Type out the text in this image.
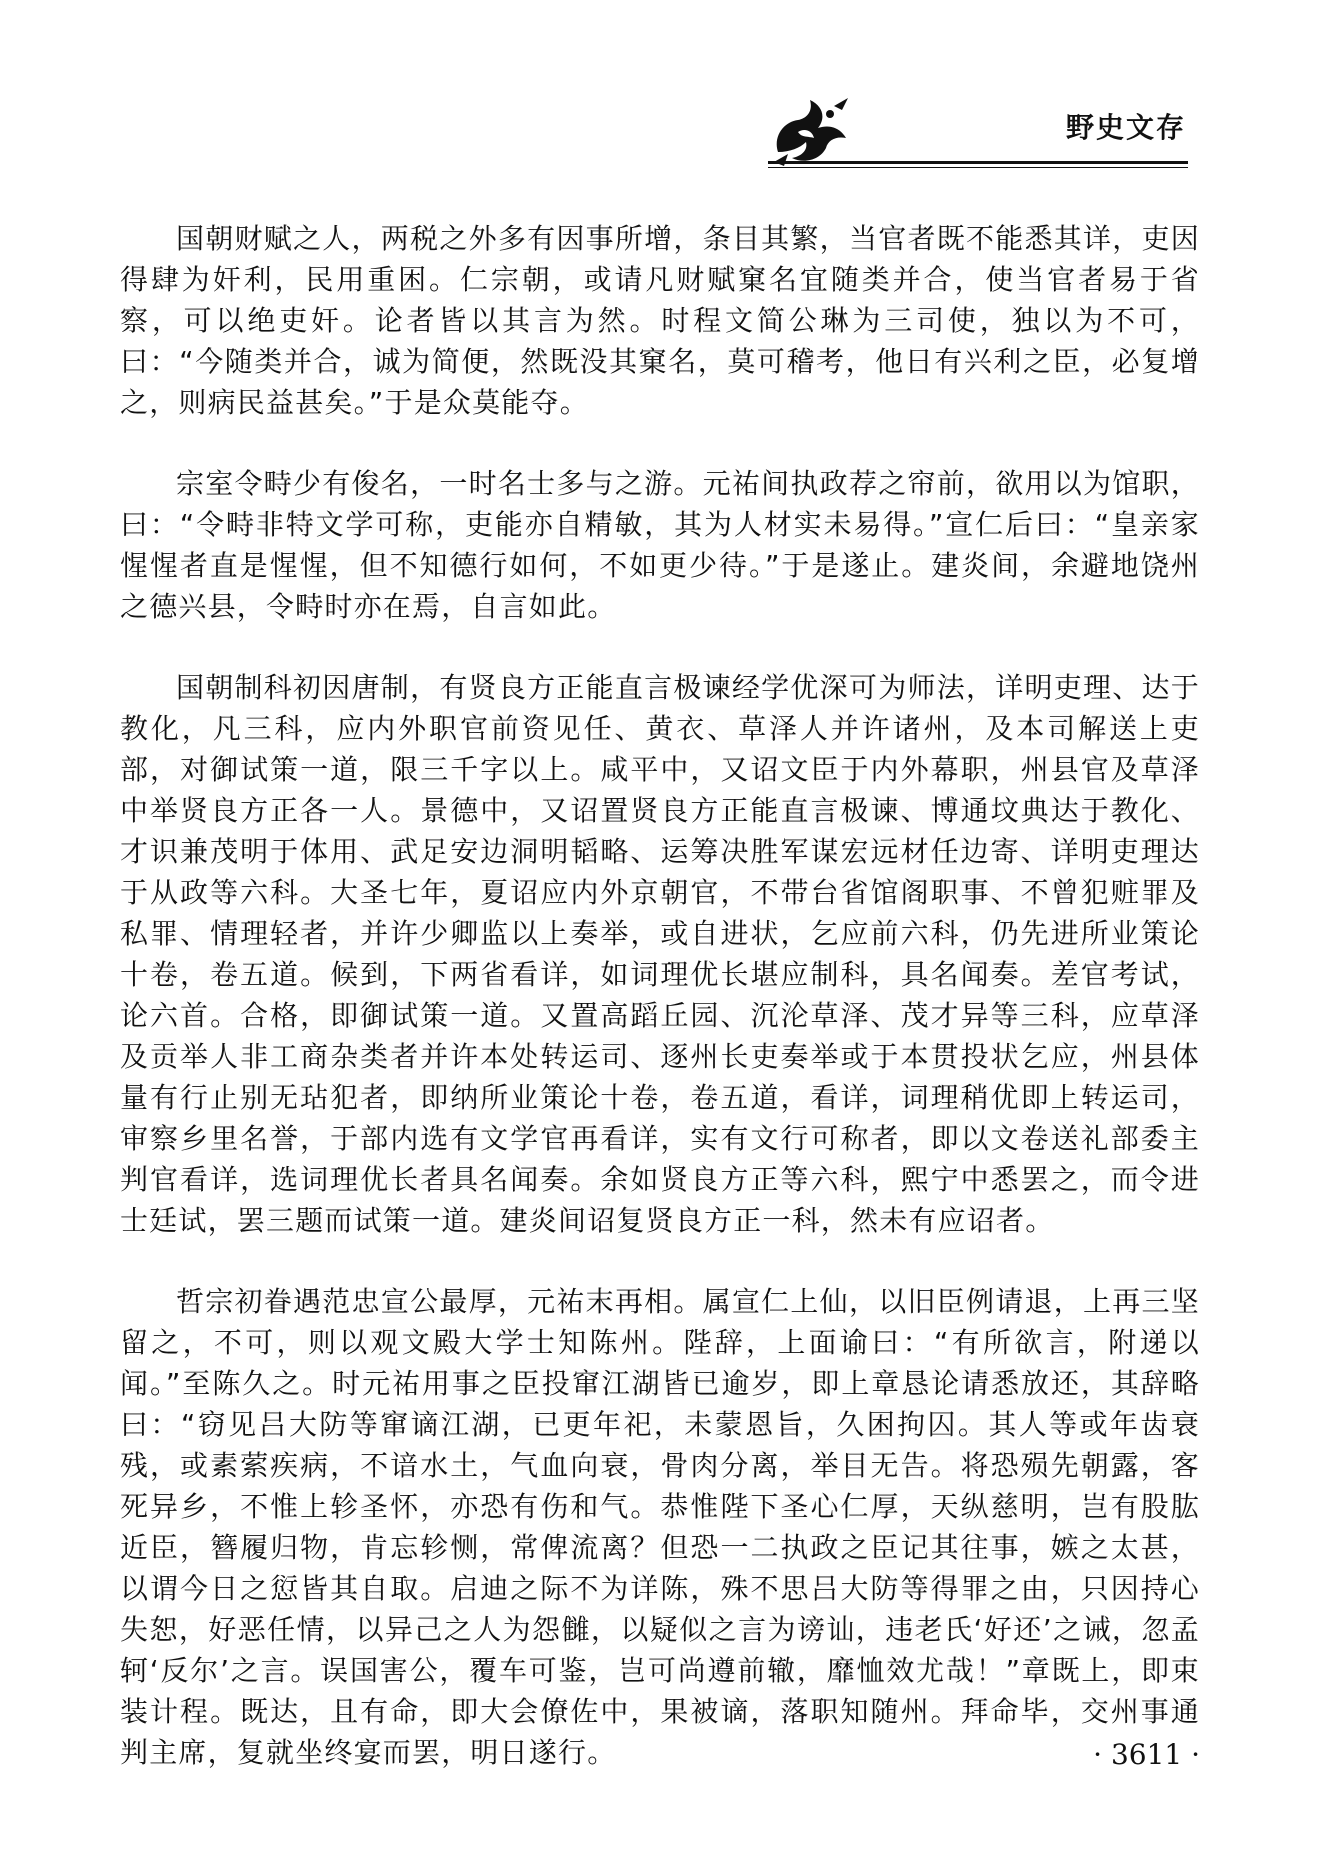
野史文存

国朝财赋之人，两税之外多有因事所增，条目其繁，当官者既不能悉其详，吏因得肆为奸利，民用重困。仁宗朝，或请凡财赋窠名宜随类并合，使当官者易于省察，可以绝吏奸。论者皆以其言为然。时程文简公琳为三司使，独以为不可，曰：“今随类并合，诚为简便，然既没其窠名，莫可稽考，他日有兴利之臣，必复增之，则病民益甚矣。”于是众莫能夺。

宗室令畤少有俊名，一时名士多与之游。元祐间执政荐之帘前，欲用以为馆职，曰：“令畤非特文学可称，吏能亦自精敏，其为人材实未易得。”宣仁后曰：“皇亲家惺惺者直是惺惺，但不知德行如何，不如更少待。”于是遂止。建炎间，余避地饶州之德兴县，令畤时亦在焉，自言如此。

国朝制科初因唐制，有贤良方正能直言极谏经学优深可为师法，详明吏理、达于教化，凡三科，应内外职官前资见任、黄衣、草泽人并许诸州，及本司解送上吏部，对御试策一道，限三千字以上。咸平中，又诏文臣于内外幕职，州县官及草泽中举贤良方正各一人。景德中，又诏置贤良方正能直言极谏、博通坟典达于教化、才识兼茂明于体用、武足安边洞明韬略、运筹决胜军谋宏远材任边寄、详明吏理达于从政等六科。大圣七年，夏诏应内外京朝官，不带台省馆阁职事、不曾犯赃罪及私罪、情理轻者，并许少卿监以上奏举，或自进状，乞应前六科，仍先进所业策论十卷，卷五道。候到，下两省看详，如词理优长堪应制科，具名闻奏。差官考试，论六首。合格，即御试策一道。又置高蹈丘园、沉沦草泽、茂才异等三科，应草泽及贡举人非工商杂类者并许本处转运司、逐州长吏奏举或于本贯投状乞应，州县体量有行止别无玷犯者，即纳所业策论十卷，卷五道，看详，词理稍优即上转运司，审察乡里名誉，于部内选有文学官再看详，实有文行可称者，即以文卷送礼部委主判官看详，选词理优长者具名闻奏。余如贤良方正等六科，熙宁中悉罢之，而令进士廷试，罢三题而试策一道。建炎间诏复贤良方正一科，然未有应诏者。

哲宗初眷遇范忠宣公最厚，元祐末再相。属宣仁上仙，以旧臣例请退，上再三坚留之，不可，则以观文殿大学士知陈州。陛辞，上面谕曰：“有所欲言，附递以闻。”至陈久之。时元祐用事之臣投窜江湖皆已逾岁，即上章恳论请悉放还，其辞略曰：“窃见吕大防等窜谪江湖，已更年祀，未蒙恩旨，久困拘囚。其人等或年齿衰残，或素萦疾病，不谙水土，气血向衰，骨肉分离，举目无告。将恐殒先朝露，客死异乡，不惟上轸圣怀，亦恐有伤和气。恭惟陛下圣心仁厚，天纵慈明，岂有股肱近臣，簪履归物，肯忘轸恻，常俾流离？但恐一二执政之臣记其往事，嫉之太甚，以谓今日之愆皆其自取。启迪之际不为详陈，殊不思吕大防等得罪之由，只因持心失恕，好恶任情，以异己之人为怨雠，以疑似之言为谤讪，违老氏‘好还’之诫，忽孟轲‘反尔’之言。误国害公，覆车可鉴，岂可尚遵前辙，靡恤效尤哉！”章既上，即束装计程。既达，且有命，即大会僚佐中，果被谪，落职知随州。拜命毕，交州事通判主席，复就坐终宴而罢，明日遂行。	· 3611 ·
